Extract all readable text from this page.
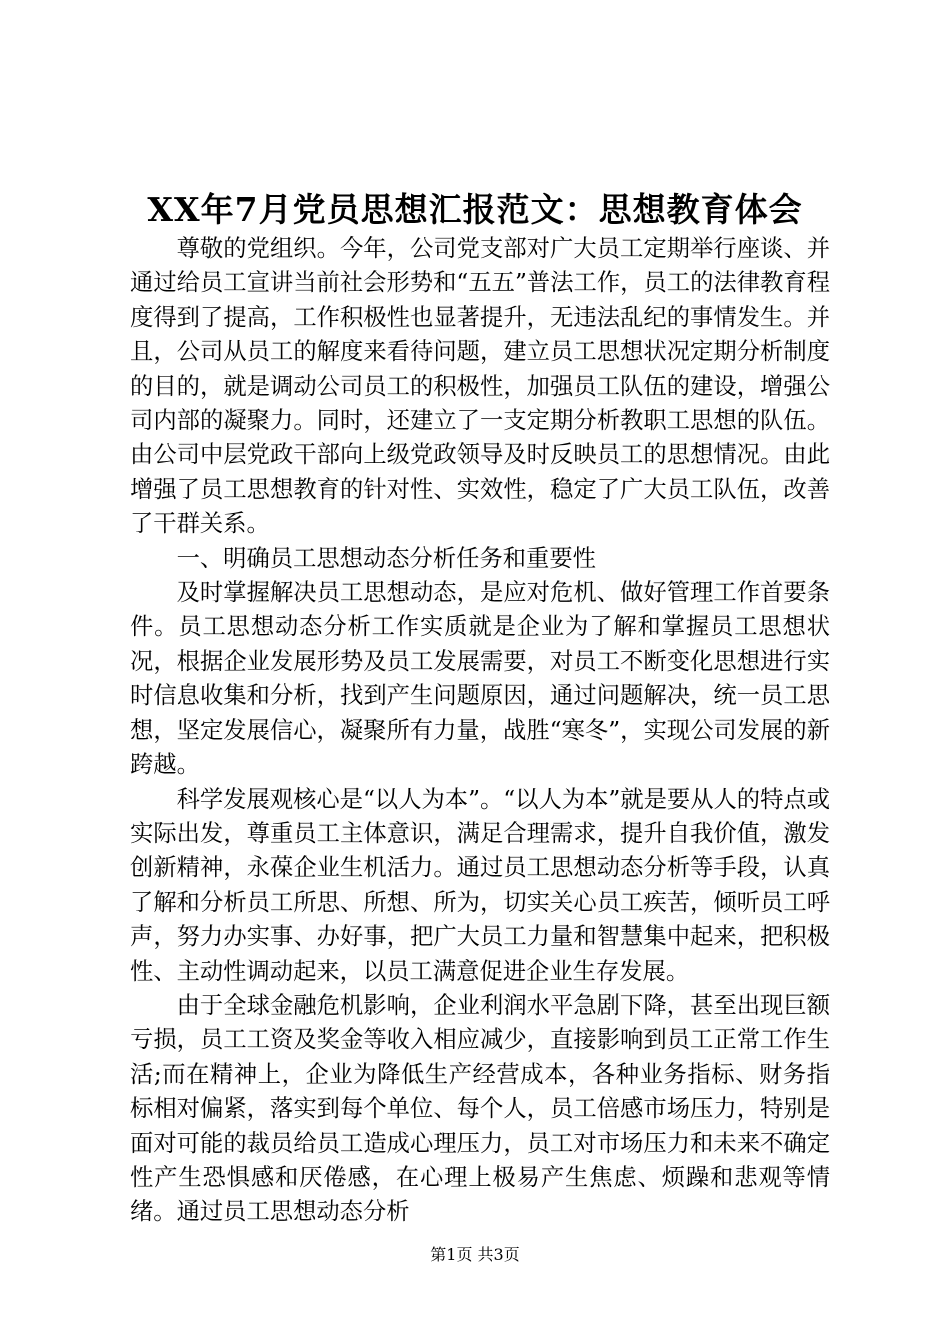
XX年7月党员思想汇报范文：思想教育体会

尊敬的党组织。今年，公司党支部对广大员工定期举行座谈、并通过给员工宣讲当前社会形势和“五五”普法工作，员工的法律教育程度得到了提高，工作积极性也显著提升，无违法乱纪的事情发生。并且，公司从员工的解度来看待问题，建立员工思想状况定期分析制度的目的，就是调动公司员工的积极性，加强员工队伍的建设，增强公司内部的凝聚力。同时，还建立了一支定期分析教职工思想的队伍。由公司中层党政干部向上级党政领导及时反映员工的思想情况。由此增强了员工思想教育的针对性、实效性，稳定了广大员工队伍，改善了干群关系。

一、明确员工思想动态分析任务和重要性

及时掌握解决员工思想动态，是应对危机、做好管理工作首要条件。员工思想动态分析工作实质就是企业为了解和掌握员工思想状况，根据企业发展形势及员工发展需要，对员工不断变化思想进行实时信息收集和分析，找到产生问题原因，通过问题解决，统一员工思想，坚定发展信心，凝聚所有力量，战胜“寒冬”，实现公司发展的新跨越。

科学发展观核心是“以人为本”。“以人为本”就是要从人的特点或实际出发，尊重员工主体意识，满足合理需求，提升自我价值，激发创新精神，永葆企业生机活力。通过员工思想动态分析等手段，认真了解和分析员工所思、所想、所为，切实关心员工疾苦，倾听员工呼声，努力办实事、办好事，把广大员工力量和智慧集中起来，把积极性、主动性调动起来，以员工满意促进企业生存发展。

由于全球金融危机影响，企业利润水平急剧下降，甚至出现巨额亏损，员工工资及奖金等收入相应减少，直接影响到员工正常工作生活;而在精神上，企业为降低生产经营成本，各种业务指标、财务指标相对偏紧，落实到每个单位、每个人，员工倍感市场压力，特别是面对可能的裁员给员工造成心理压力，员工对市场压力和未来不确定性产生恐惧感和厌倦感，在心理上极易产生焦虑、烦躁和悲观等情绪。通过员工思想动态分析

第1页 共3页
